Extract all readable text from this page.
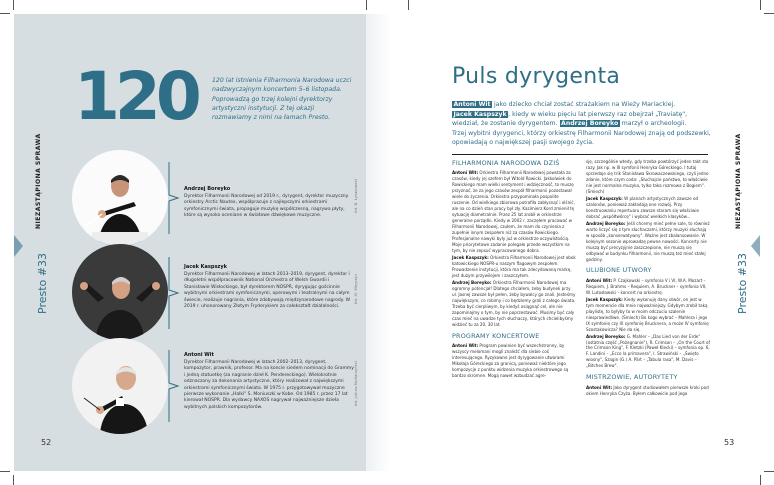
120 120 lat istnienia Filharmonia Narodowa uczci nadzwyczajnym koncertem 5–6 listopada. Poprowadzą go trzej kolejni dyrektorzy artystyczni instytucji. Z tej okazji rozmawiamy z nimi na łamach Presto.
NIEZASTĄPIONA SPRAWA
Presto #33
Andrzej Boreyko
Dyrektor Filharmonii Narodowej od 2019 r., dyrygent, dyrektor muzyczny orkiestry Arctic Nautex, współpracuje z najlepszymi orkiestrami symfonicznymi świata, propaguje muzykę współczesną, nagrywa płyty, które są wysoko oceniane w światowe dźwiękowe muzyczne.
fot. B. Łysakowski
Jacek Kaspszyk
Dyrektor Filharmonii Narodowej w latach 2013–2019, dyrygent, dyrektor i długoletni współpracownik National Orchestra of Welsh Gwardii i Stanisławie Wisłockiego, był dyrektorem NOSPR, dyrygując gościnnie wybitnymi orkiestrami symfonicznymi, operowymi i teatralnymi na całym świecie, realizuje nagrania, które zdobywają międzynarodowe nagrody. W 2019 r. uhonorowany Złotym Fryderykiem za całokształt działalności.
fot. M. Węgrzyn
Antoni Wit
Dyrektor Filharmonii Narodowej w latach 2002–2013, dyrygent, kompozytor, prawnik, profesor. Ma na koncie siedem nominacji do Grammy i jedną statuetkę (za nagranie dzieł K. Pendereckiego). Wielokrotnie odznaczony za dokonania artystyczne, który realizował z największymi orkiestrami symfonicznymi świata. W 1975 r. przygotowywał muzyczne pierwsze wykonanie „Halki" S. Moniuszki w Kobe. Od 1985 r. przez 17 lat kierował NOSPR. Dla wydawcy NAXOS nagrywał najważniejsze dzieła wybitnych polskich kompozytorów.
fot. Juliusz Multarzyński
52
Puls dyrygenta
Antoni Wit jako dziecko chciał zostać strażakiem na Wieży Mariackiej.
Jacek Kaspszyk , kiedy w wieku pięciu lat pierwszy raz obejrzał „Traviatę", wiedział, że zostanie dyrygentem. Andrzej Boreyko marzył o archeologii.
Trzej wybitni dyrygenci, którzy orkiestrę Filharmonii Narodowej znają od podszewki, opowiadają o największej pasji swojego życia.
FILHARMONIA NARODOWA DZIŚ

Antoni Wit: Orkiestra Filharmonii Narodowej powstała za czasów, kiedy jej szefem był Witold Rowicki. Jakkolwiek do Rowickiego mam wielki sentyment i wdzięczność, to muszę przyznać, że za jego czasów zespół filharmonii pozostawał wiele do życzenia. Orkiestra przypominała pospolite ruszenie. Od wielkiego zbiorowa potrafiła zabłysnąć i olśnić, ale na co dzień stan pracy był zły. Kazimierz Kord zmienił tę sytuację diametralnie. Przez 25 lat zrobił w orkiestrze generalne porządki. Kiedy w 2002 r. zaczęłem pracować w Filharmonii Narodowej, czułem, że mam do czynienia z zupełnie innym zespołem niż za czasów Rowickiego. Profesjonalne nawyki były już w orkiestrze oczywistością. Moje priorytetowe zadanie polegało przede wszystkim na tym, by nie zepsuć wypracowanego dobra.

Jacek Kaspszyk: Orkiestra Filharmonii Narodowej jest obok katowickiego NOSPR-u naszym flagowym zespołem. Prowadzenie instytucji, która ma tak zdecydowaną markę, jest dużym przywilejem i zaszczytem.

Andrzej Boreyko: Orkiestra Filharmonii Narodowej ma ogromny potencjał! Dlatego chciałem, żeby budynek przy ul. Jasnej zawsze był pełen, żeby bywalcy go znali. Jesteśmy największym, co robimy i co będziemy grali z całego świata. Trzeba być cierpliwym, by kiedyś osiągnąć cel, ale nie zapominajmy o tym, by nie poprzestawać. Musimy być cały czas mieć na uwadze tych słuchaczy, których chcielibyśmy widzieć tu za 20, 30 lat.

PROGRAMY KONCERTOWE

Antoni Wit: Program powinien być wszechstronny, by wszyscy melomani mogli znaleźć dla siebie coś interesującego. Ryzykowne jest dyrygowanie utworami Mikołaja Góreckiego za granicą, ponieważ niektóre jego kompozycje z punktu widzenia muzyka orkiestrowego są bardzo skromne. Mogą nawet wzbudzać agre-

sję, szczególnie wtedy, gdy trzeba powtórzyć jeden takt sto razy. Jak np. w III symfonii Henryka Góreckiego. I tutaj sprzedaje się trik Stanisława Skrowaczewskiego, czyli jedno zdanie, które czym coda: „Słuchajcie państwo, to właściwie nie jest normalna muzyka, tylko taka rozmowa z Bogiem". (Śmiech)

Jacek Kaspszyk: W planach artystycznych zawsze od szalonów, ponieważ zakładają one rozwój. Przy konstruowaniu repertuaru zawsze staram się właściwie dobrać „współtwórcę" i wybrać wielkich klasyków...

Andrzej Boreyko: Jeśli chcemy mieć pełne sale, to również warto liczyć się z tym słuchaczami, którzy muzyki słuchają w sposób „konserwatywny". Ważne jest zbalansowanie. W kolejnym sezonie wprowadzę pewne nowości. Koncerty nie muszą być precyzyjnie zaszczepione, nie muszą się odbywać w budynku filharmonii, nie muszą też mieć stałej godziny.

ULUBIONE UTWORY

Antoni Wit: P. Czajkowski – symfonia V i VI, W.A. Mozart – Requiem, J. Brahms – Requiem, A. Bruckner – symfonia VII, W. Lutosławski – koncert na orkiestrę.

Jacek Kaspszyk: Kiedy wykonuję dany utwór, on jest w tym momencie dla mnie najważniejszy. Gdybym zrobił taką playlistę, to byłyby to w moim odczuciu szalenie niesprawiedliwe. (Śmiech) Bo kogo wybrać – Mahlera i jego IX symfonię czy IX symfonię Brucknera, a może IV symfonię Szostakowicza? Nie da się.

Andrzej Boreyko: G. Mahler – „Das Lied von der Erde" (ostatnia część „Pożegnanie"), R. Crimson – „On the Court of the Crimson King", F. Kletzki (Paweł Klecki) – symfonia op. 6, F. Landini – „Ecco la primavera", I. Strawiński – „Święto wiosny", Szagin (G.) A. Pärt – „Tabula rasa", M. Davis – „Bitches Brew".

MISTRZOWIE, AUTORYTETY

Antoni Wit: Jako dyrygent studiowałem pierwsze kroki pod okiem Henryka Czyża. Byłem całkowicie pod jego

NIEZASTĄPIONA SPRAWA
Presto #33
53
